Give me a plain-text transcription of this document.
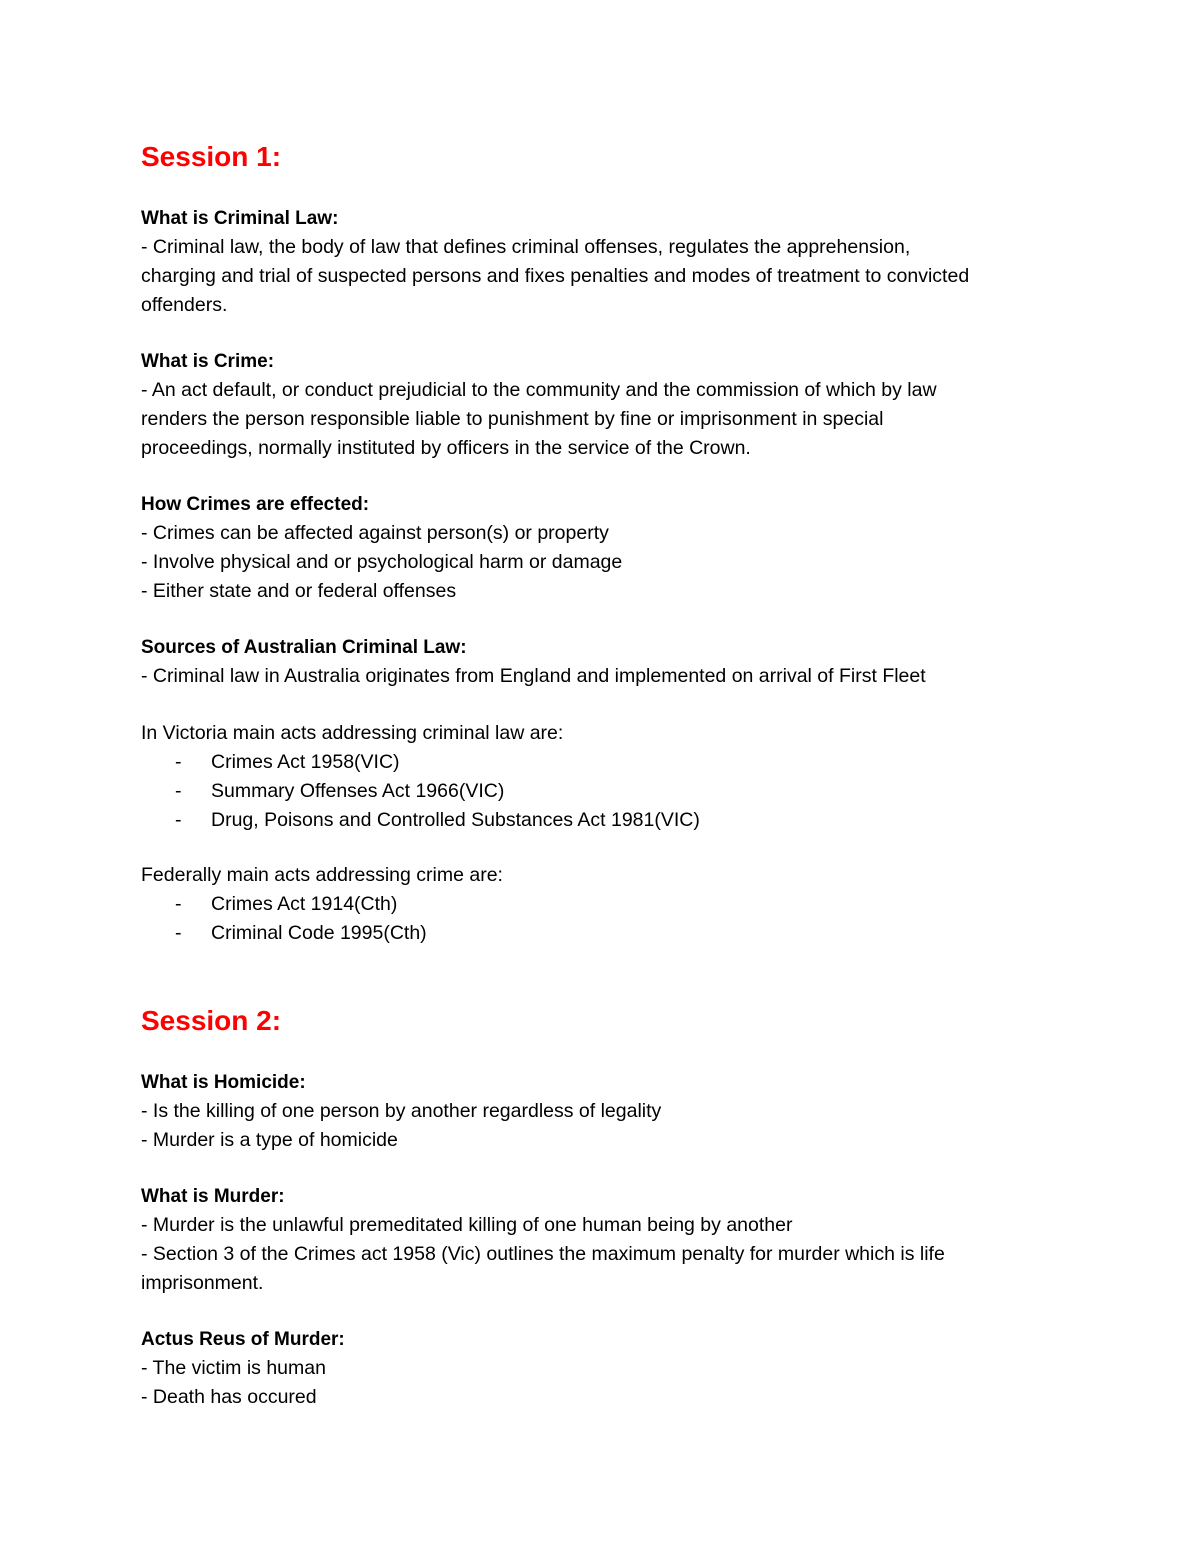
Session 1:

What is Criminal Law:

- Criminal law, the body of law that defines criminal offenses, regulates the apprehension,

charging and trial of suspected persons and fixes penalties and modes of treatment to convicted

offenders.

What is Crime:

- An act default, or conduct prejudicial to the community and the commission of which by law

renders the person responsible liable to punishment by fine or imprisonment in special

proceedings, normally instituted by officers in the service of the Crown.

How Crimes are effected:

- Crimes can be affected against person(s) or property

- Involve physical and or psychological harm or damage

- Either state and or federal offenses

Sources of Australian Criminal Law:

- Criminal law in Australia originates from England and implemented on arrival of First Fleet

In Victoria main acts addressing criminal law are:

- Crimes Act 1958(VIC)

- Summary Offenses Act 1966(VIC)

- Drug, Poisons and Controlled Substances Act 1981(VIC)

Federally main acts addressing crime are:

- Crimes Act 1914(Cth)

- Criminal Code 1995(Cth)

Session 2:

What is Homicide:

- Is the killing of one person by another regardless of legality

- Murder is a type of homicide

What is Murder:

- Murder is the unlawful premeditated killing of one human being by another

- Section 3 of the Crimes act 1958 (Vic) outlines the maximum penalty for murder which is life

imprisonment.

Actus Reus of Murder:

- The victim is human

- Death has occured
